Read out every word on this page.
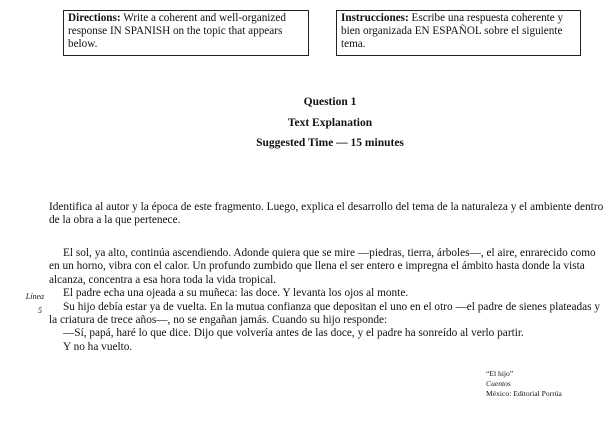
Directions: Write a coherent and well-organized response IN SPANISH on the topic that appears below.
Instrucciones: Escribe una respuesta coherente y bien organizada EN ESPAÑOL sobre el siguiente tema.
Question 1
Text Explanation
Suggested Time — 15 minutes
Identifica al autor y la época de este fragmento. Luego, explica el desarrollo del tema de la naturaleza y el ambiente dentro de la obra a la que pertenece.

El sol, ya alto, continúa ascendiendo. Adonde quiera que se mire —piedras, tierra, árboles—, el aire, enrarecido como en un horno, vibra con el calor. Un profundo zumbido que llena el ser entero e impregna el ámbito hasta donde la vista alcanza, concentra a esa hora toda la vida tropical.

El padre echa una ojeada a su muñeca: las doce. Y levanta los ojos al monte.

Su hijo debía estar ya de vuelta. En la mutua confianza que depositan el uno en el otro —el padre de sienes plateadas y la criatura de trece años—, no se engañan jamás. Cuando su hijo responde:

—Sí, papá, haré lo que dice. Dijo que volvería antes de las doce, y el padre ha sonreído al verlo partir.

Y no ha vuelto.

Línea
5
“El hijo”
Cuentos
México: Editorial Porrúa
